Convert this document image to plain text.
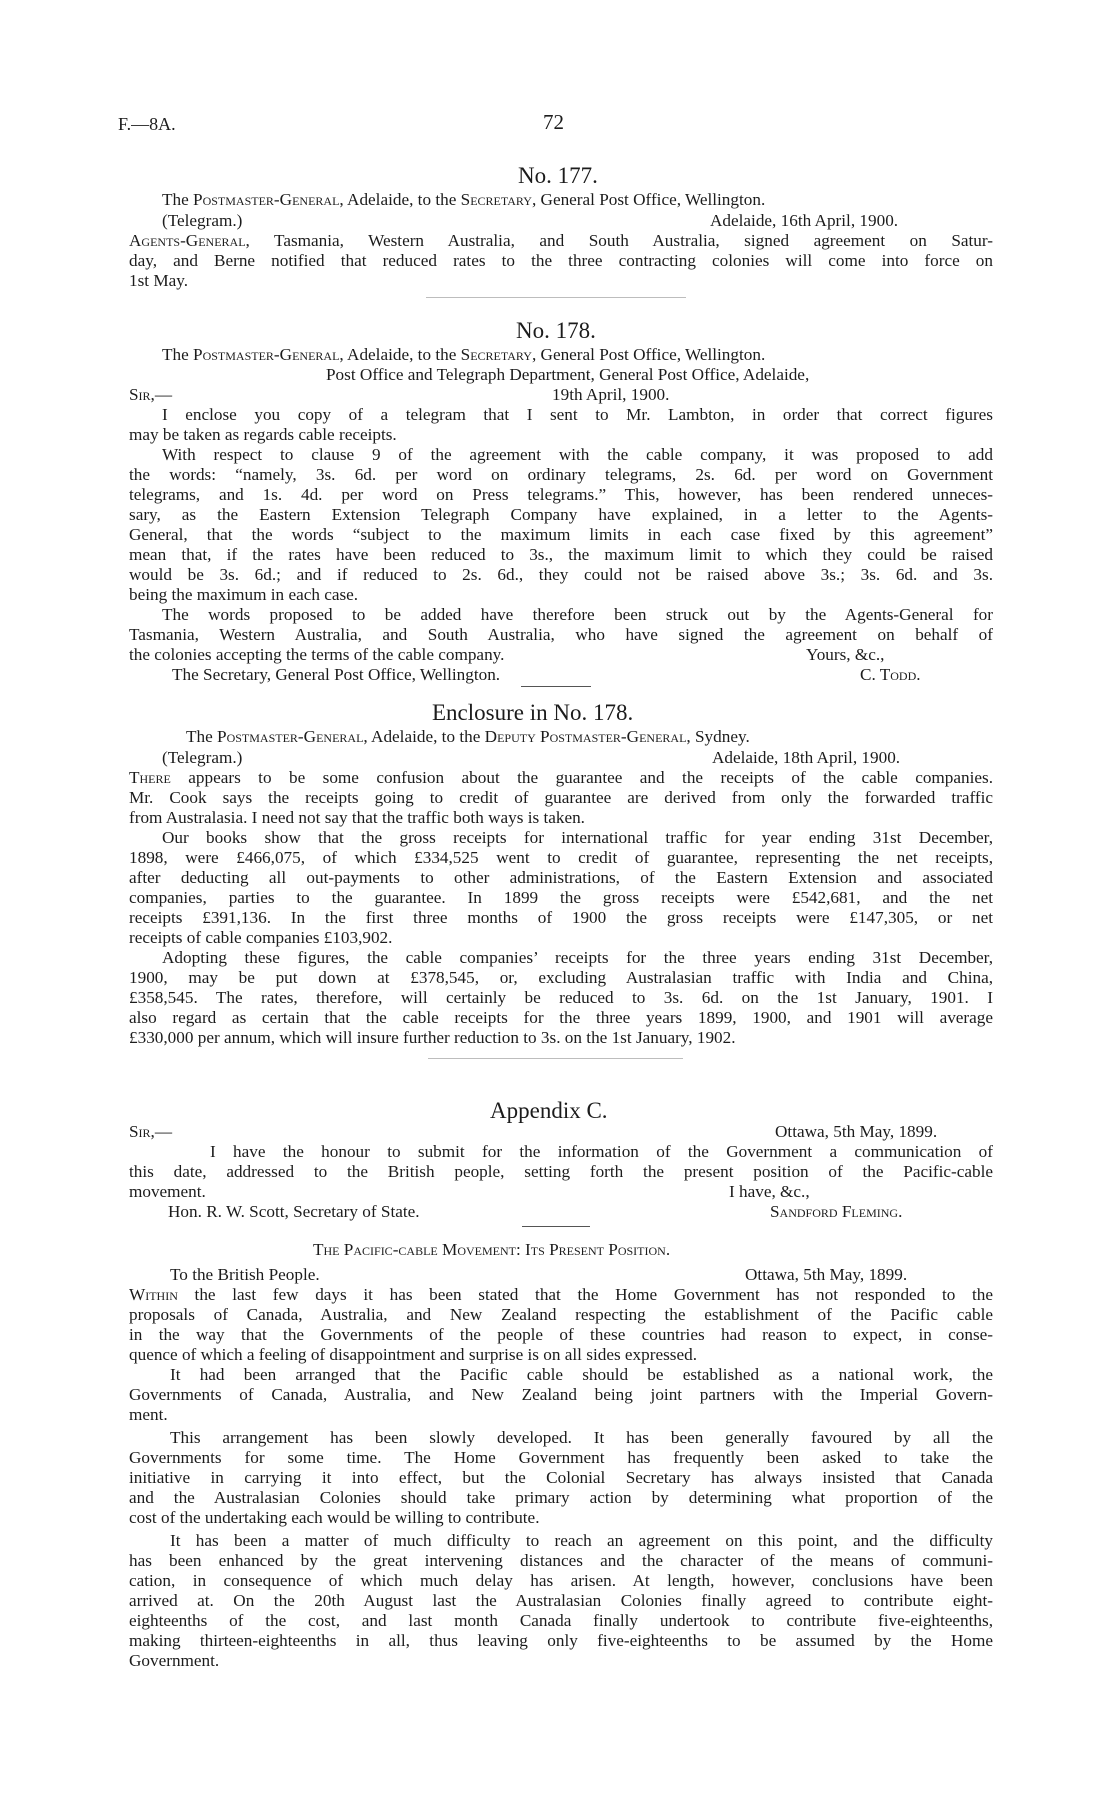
F.—8A.	72
No. 177.
The Postmaster-General, Adelaide, to the Secretary, General Post Office, Wellington.
(Telegram.)	Adelaide, 16th April, 1900.
Agents-General, Tasmania, Western Australia, and South Australia, signed agreement on Satur-
day, and Berne notified that reduced rates to the three contracting colonies will come into force on
1st May.
No. 178.
The Postmaster-General, Adelaide, to the Secretary, General Post Office, Wellington.
Post Office and Telegraph Department, General Post Office, Adelaide,
Sir,—	19th April, 1900.
I enclose you copy of a telegram that I sent to Mr. Lambton, in order that correct figures
may be taken as regards cable receipts.
With respect to clause 9 of the agreement with the cable company, it was proposed to add
the words: “namely, 3s. 6d. per word on ordinary telegrams, 2s. 6d. per word on Government
telegrams, and 1s. 4d. per word on Press telegrams.” This, however, has been rendered unneces-
sary, as the Eastern Extension Telegraph Company have explained, in a letter to the Agents-
General, that the words “subject to the maximum limits in each case fixed by this agreement”
mean that, if the rates have been reduced to 3s., the maximum limit to which they could be raised
would be 3s. 6d.; and if reduced to 2s. 6d., they could not be raised above 3s.; 3s. 6d. and 3s.
being the maximum in each case.
The words proposed to be added have therefore been struck out by the Agents-General for
Tasmania, Western Australia, and South Australia, who have signed the agreement on behalf of
the colonies accepting the terms of the cable company.	Yours, &c.,
The Secretary, General Post Office, Wellington.	C. Todd.
Enclosure in No. 178.
The Postmaster-General, Adelaide, to the Deputy Postmaster-General, Sydney.
(Telegram.)	Adelaide, 18th April, 1900.
There appears to be some confusion about the guarantee and the receipts of the cable companies.
Mr. Cook says the receipts going to credit of guarantee are derived from only the forwarded traffic
from Australasia. I need not say that the traffic both ways is taken.
Our books show that the gross receipts for international traffic for year ending 31st December,
1898, were £466,075, of which £334,525 went to credit of guarantee, representing the net receipts,
after deducting all out-payments to other administrations, of the Eastern Extension and associated
companies, parties to the guarantee. In 1899 the gross receipts were £542,681, and the net
receipts £391,136. In the first three months of 1900 the gross receipts were £147,305, or net
receipts of cable companies £103,902.
Adopting these figures, the cable companies’ receipts for the three years ending 31st December,
1900, may be put down at £378,545, or, excluding Australasian traffic with India and China,
£358,545. The rates, therefore, will certainly be reduced to 3s. 6d. on the 1st January, 1901. I
also regard as certain that the cable receipts for the three years 1899, 1900, and 1901 will average
£330,000 per annum, which will insure further reduction to 3s. on the 1st January, 1902.
Appendix C.
Sir,—	Ottawa, 5th May, 1899.
I have the honour to submit for the information of the Government a communication of
this date, addressed to the British people, setting forth the present position of the Pacific-cable
movement.	I have, &c.,
Hon. R. W. Scott, Secretary of State.	Sandford Fleming.
The Pacific-cable Movement: Its Present Position.
To the British People.	Ottawa, 5th May, 1899.
Within the last few days it has been stated that the Home Government has not responded to the
proposals of Canada, Australia, and New Zealand respecting the establishment of the Pacific cable
in the way that the Governments of the people of these countries had reason to expect, in conse-
quence of which a feeling of disappointment and surprise is on all sides expressed.
It had been arranged that the Pacific cable should be established as a national work, the
Governments of Canada, Australia, and New Zealand being joint partners with the Imperial Govern-
ment.
This arrangement has been slowly developed. It has been generally favoured by all the
Governments for some time. The Home Government has frequently been asked to take the
initiative in carrying it into effect, but the Colonial Secretary has always insisted that Canada
and the Australasian Colonies should take primary action by determining what proportion of the
cost of the undertaking each would be willing to contribute.
It has been a matter of much difficulty to reach an agreement on this point, and the difficulty
has been enhanced by the great intervening distances and the character of the means of communi-
cation, in consequence of which much delay has arisen. At length, however, conclusions have been
arrived at. On the 20th August last the Australasian Colonies finally agreed to contribute eight-
eighteenths of the cost, and last month Canada finally undertook to contribute five-eighteenths,
making thirteen-eighteenths in all, thus leaving only five-eighteenths to be assumed by the Home
Government.
